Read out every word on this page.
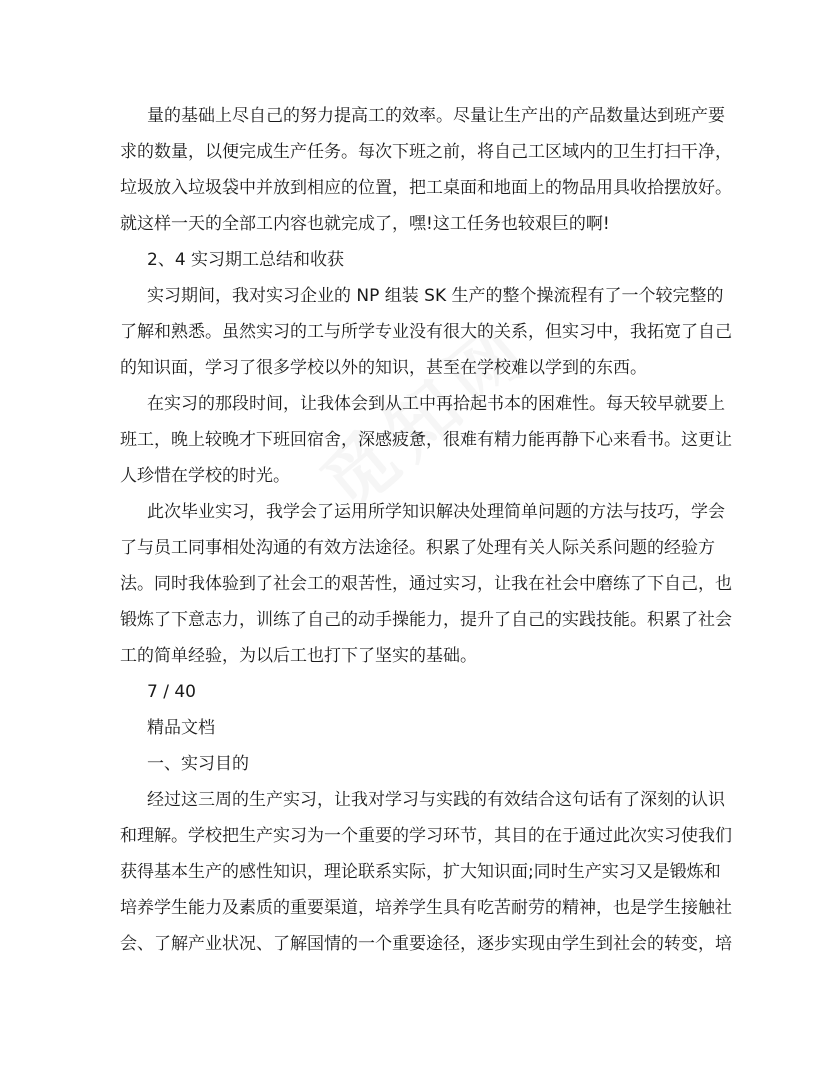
量的基础上尽自己的努力提高工的效率。尽量让生产出的产品数量达到班产要
求的数量，以便完成生产任务。每次下班之前，将自己工区域内的卫生打扫干净，
垃圾放入垃圾袋中并放到相应的位置，把工桌面和地面上的物品用具收拾摆放好。
就这样一天的全部工内容也就完成了，嘿!这工任务也较艰巨的啊!
2、4 实习期工总结和收获
实习期间，我对实习企业的 NP 组装 SK 生产的整个操流程有了一个较完整的
了解和熟悉。虽然实习的工与所学专业没有很大的关系，但实习中，我拓宽了自己
的知识面，学习了很多学校以外的知识，甚至在学校难以学到的东西。
在实习的那段时间，让我体会到从工中再拾起书本的困难性。每天较早就要上
班工，晚上较晚才下班回宿舍，深感疲惫，很难有精力能再静下心来看书。这更让
人珍惜在学校的时光。
此次毕业实习，我学会了运用所学知识解决处理简单问题的方法与技巧，学会
了与员工同事相处沟通的有效方法途径。积累了处理有关人际关系问题的经验方
法。同时我体验到了社会工的艰苦性，通过实习，让我在社会中磨练了下自己，也
锻炼了下意志力，训练了自己的动手操能力，提升了自己的实践技能。积累了社会
工的简单经验，为以后工也打下了坚实的基础。
7 / 40
精品文档
一、实习目的
经过这三周的生产实习，让我对学习与实践的有效结合这句话有了深刻的认识
和理解。学校把生产实习为一个重要的学习环节，其目的在于通过此次实习使我们
获得基本生产的感性知识，理论联系实际，扩大知识面;同时生产实习又是锻炼和
培养学生能力及素质的重要渠道，培养学生具有吃苦耐劳的精神，也是学生接触社
会、了解产业状况、了解国情的一个重要途径，逐步实现由学生到社会的转变，培
